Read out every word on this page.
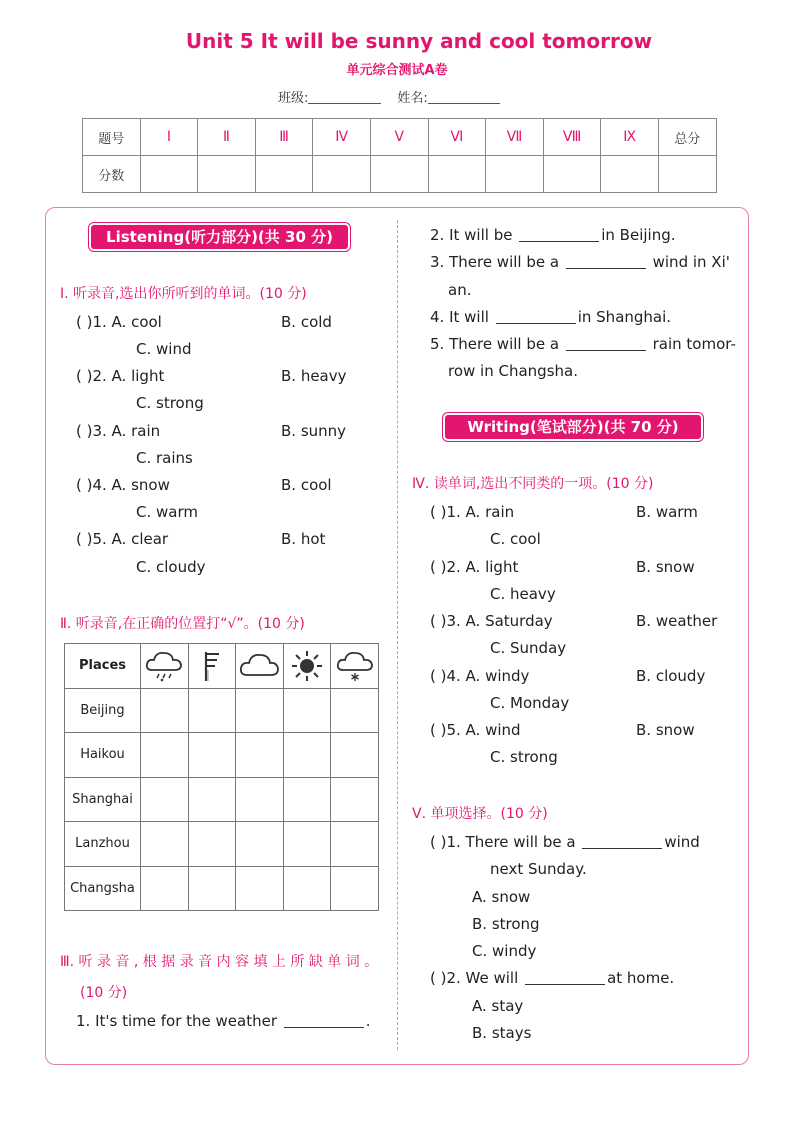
Unit 5 It will be sunny and cool tomorrow
单元综合测试A卷
班级:	姓名:
题号	Ⅰ	Ⅱ	Ⅲ	Ⅳ	Ⅴ	Ⅵ	Ⅶ	Ⅷ	Ⅸ	总分
分数										
Listening(听力部分)(共 30 分)
Ⅰ. 听录音,选出你所听到的单词。(10 分)
( )1. A. cool	B. cold
C. wind
( )2. A. light	B. heavy
C. strong
( )3. A. rain	B. sunny
C. rains
( )4. A. snow	B. cool
C. warm
( )5. A. clear	B. hot
C. cloudy
Ⅱ. 听录音,在正确的位置打“√”。(10 分)
Places	

Beijing					
Haikou					
Shanghai					
Lanzhou					
Changsha					
Ⅲ. 听 录 音 , 根 据 录 音 内 容 填 上 所 缺 单 词 。
(10 分)
1. It's time for the weather	.
2. It will be	in Beijing.
3. There will be a	wind in Xi'
an.
4. It will	in Shanghai.
5. There will be a	rain tomor-
row in Changsha.
Writing(笔试部分)(共 70 分)
Ⅳ. 读单词,选出不同类的一项。(10 分)
( )1. A. rain	B. warm
C. cool
( )2. A. light	B. snow
C. heavy
( )3. A. Saturday	B. weather
C. Sunday
( )4. A. windy	B. cloudy
C. Monday
( )5. A. wind	B. snow
C. strong
Ⅴ. 单项选择。(10 分)
( )1. There will be a	wind
next Sunday.
A. snow
B. strong
C. windy
( )2. We will	at home.
A. stay
B. stays
